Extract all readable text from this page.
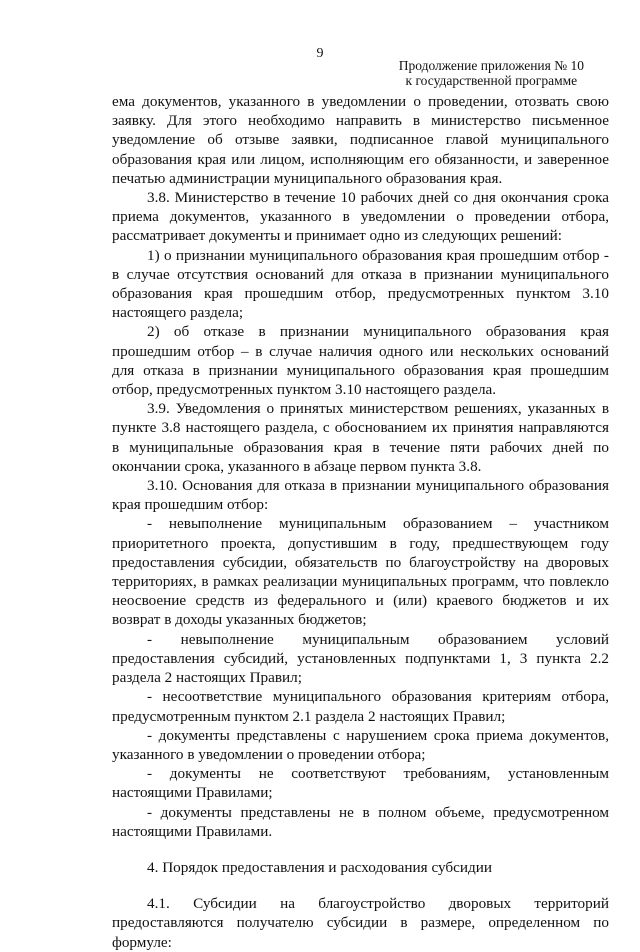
9
Продолжение приложения № 10
к государственной программе

ема документов, указанного в уведомлении о проведении, отозвать свою заявку. Для этого необходимо направить в министерство письменное уведомление об отзыве заявки, подписанное главой муниципального образования края или лицом, исполняющим его обязанности, и заверенное печатью администрации муниципального образования края.

3.8. Министерство в течение 10 рабочих дней со дня окончания срока приема документов, указанного в уведомлении о проведении отбора, рассматривает документы и принимает одно из следующих решений:

1) о признании муниципального образования края прошедшим отбор - в случае отсутствия оснований для отказа в признании муниципального образования края прошедшим отбор, предусмотренных пунктом 3.10 настоящего раздела;

2) об отказе в признании муниципального образования края прошедшим отбор – в случае наличия одного или нескольких оснований для отказа в признании муниципального образования края прошедшим отбор, предусмотренных пунктом 3.10 настоящего раздела.

3.9. Уведомления о принятых министерством решениях, указанных в пункте 3.8 настоящего раздела, с обоснованием их принятия направляются в муниципальные образования края в течение пяти рабочих дней по окончании срока, указанного в абзаце первом пункта 3.8.

3.10. Основания для отказа в признании муниципального образования края прошедшим отбор:

- невыполнение муниципальным образованием – участником приоритетного проекта, допустившим в году, предшествующем году предоставления субсидии, обязательств по благоустройству на дворовых территориях, в рамках реализации муниципальных программ, что повлекло неосвоение средств из федерального и (или) краевого бюджетов и их возврат в доходы указанных бюджетов;

- невыполнение муниципальным образованием условий предоставления субсидий, установленных подпунктами 1, 3 пункта 2.2 раздела 2 настоящих Правил;

- несоответствие муниципального образования критериям отбора, предусмотренным пунктом 2.1 раздела 2 настоящих Правил;

- документы представлены с нарушением срока приема документов, указанного в уведомлении о проведении отбора;

- документы не соответствуют требованиям, установленным настоящими Правилами;

- документы представлены не в полном объеме, предусмотренном настоящими Правилами.

4. Порядок предоставления и расходования субсидии

4.1. Субсидии на благоустройство дворовых территорий предоставляются получателю субсидии в размере, определенном по формуле:
